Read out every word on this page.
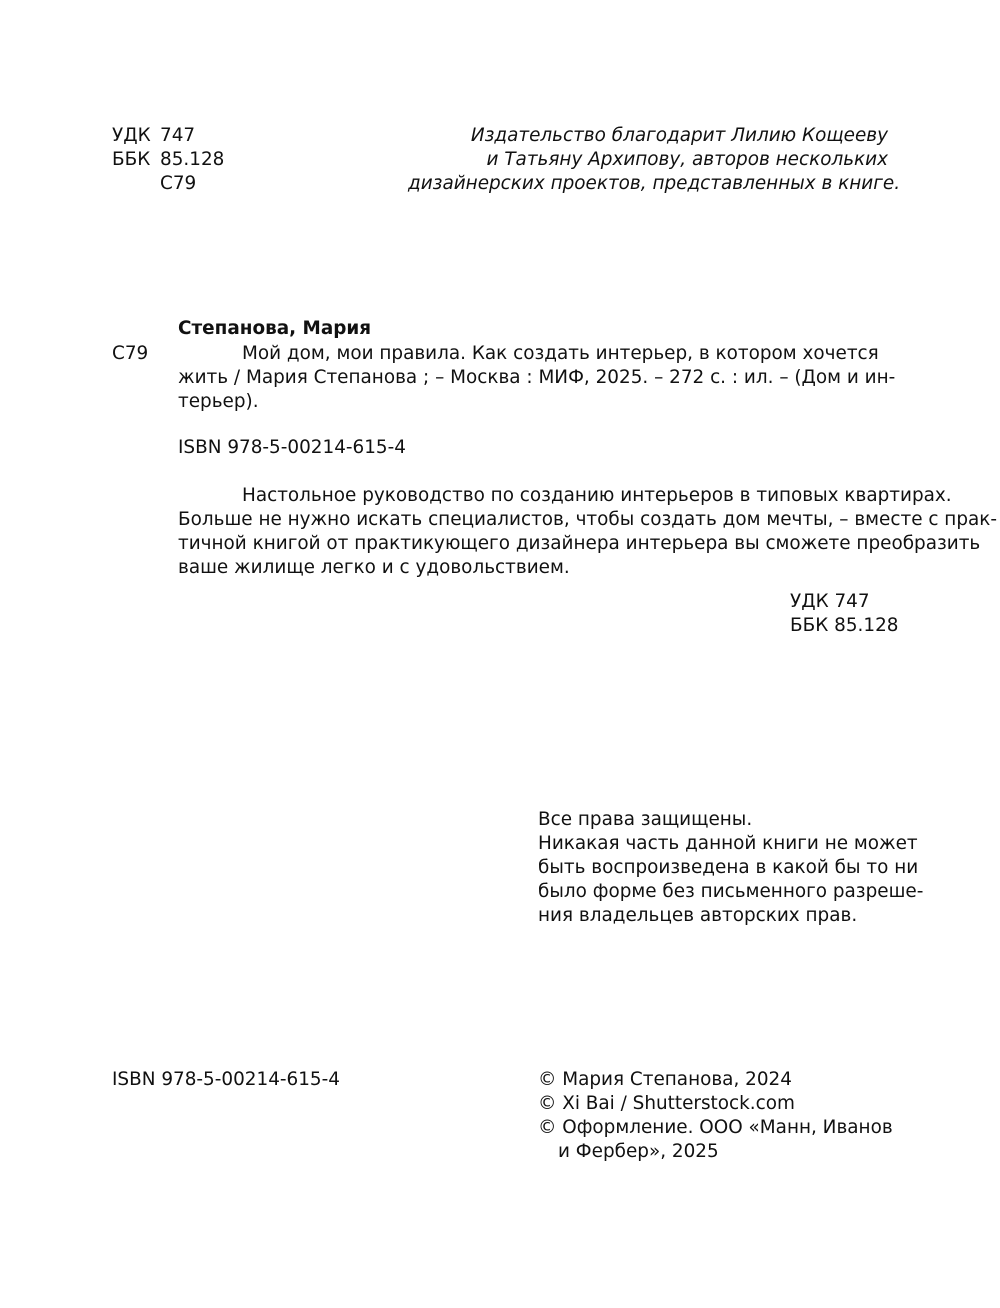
УДК 747
ББК 85.128
С79
Издательство благодарит Лилию Кощееву
и Татьяну Архипову, авторов нескольких
дизайнерских проектов, представленных в книге.
Степанова, Мария
С79	Мой дом, мои правила. Как создать интерьер, в котором хочется
жить / Мария Степанова ; – Москва : МИФ, 2025. – 272 с. : ил. – (Дом и ин-
терьер).
ISBN 978-5-00214-615-4
Настольное руководство по созданию интерьеров в типовых квартирах.
Больше не нужно искать специалистов, чтобы создать дом мечты, – вместе с прак-
тичной книгой от практикующего дизайнера интерьера вы сможете преобразить
ваше жилище легко и с удовольствием.
УДК 747
ББК 85.128
Все права защищены.
Никакая часть данной книги не может
быть воспроизведена в какой бы то ни
было форме без письменного разреше-
ния владельцев авторских прав.
ISBN 978-5-00214-615-4	© Мария Степанова, 2024
© Xi Bai / Shutterstock.com
© Оформление. ООО «Манн, Иванов
и Фербер», 2025
